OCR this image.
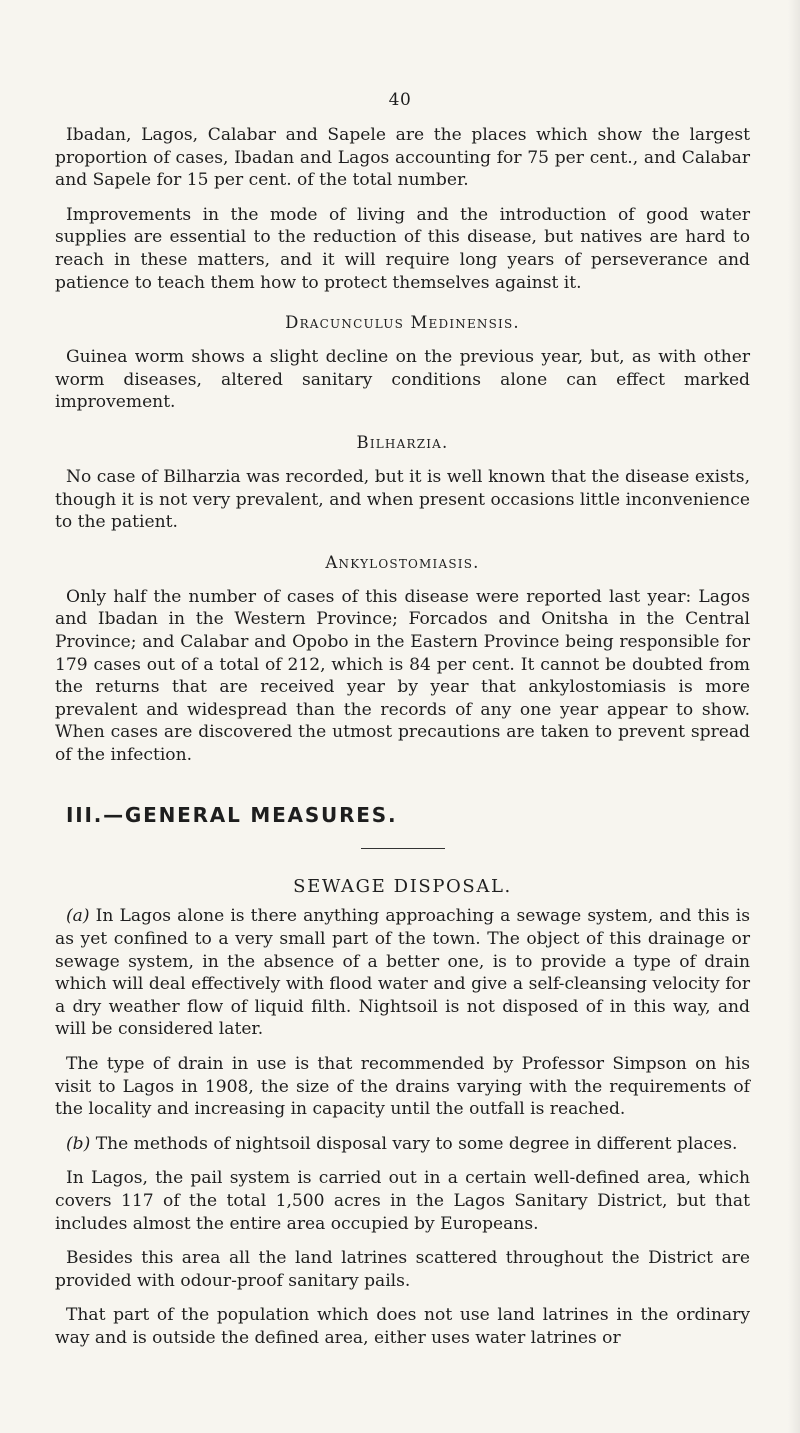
40

Ibadan, Lagos, Calabar and Sapele are the places which show the largest proportion of cases, Ibadan and Lagos accounting for 75 per cent., and Calabar and Sapele for 15 per cent. of the total number.

Improvements in the mode of living and the introduction of good water supplies are essential to the reduction of this disease, but natives are hard to reach in these matters, and it will require long years of perseverance and patience to teach them how to protect themselves against it.

Dracunculus Medinensis.

Guinea worm shows a slight decline on the previous year, but, as with other worm diseases, altered sanitary conditions alone can effect marked improvement.

Bilharzia.

No case of Bilharzia was recorded, but it is well known that the disease exists, though it is not very prevalent, and when present occasions little inconvenience to the patient.

Ankylostomiasis.

Only half the number of cases of this disease were reported last year: Lagos and Ibadan in the Western Province; Forcados and Onitsha in the Central Province; and Calabar and Opobo in the Eastern Province being responsible for 179 cases out of a total of 212, which is 84 per cent. It cannot be doubted from the returns that are received year by year that ankylostomiasis is more prevalent and widespread than the records of any one year appear to show. When cases are discovered the utmost precautions are taken to prevent spread of the infection.

III.—GENERAL MEASURES.
SEWAGE DISPOSAL.

(a) In Lagos alone is there anything approaching a sewage system, and this is as yet confined to a very small part of the town. The object of this drainage or sewage system, in the absence of a better one, is to provide a type of drain which will deal effectively with flood water and give a self-cleansing velocity for a dry weather flow of liquid filth. Nightsoil is not disposed of in this way, and will be considered later.

The type of drain in use is that recommended by Professor Simpson on his visit to Lagos in 1908, the size of the drains varying with the requirements of the locality and increasing in capacity until the outfall is reached.

(b) The methods of nightsoil disposal vary to some degree in different places.

In Lagos, the pail system is carried out in a certain well-defined area, which covers 117 of the total 1,500 acres in the Lagos Sanitary District, but that includes almost the entire area occupied by Europeans.

Besides this area all the land latrines scattered throughout the District are provided with odour-proof sanitary pails.

That part of the population which does not use land latrines in the ordinary way and is outside the defined area, either uses water latrines or
